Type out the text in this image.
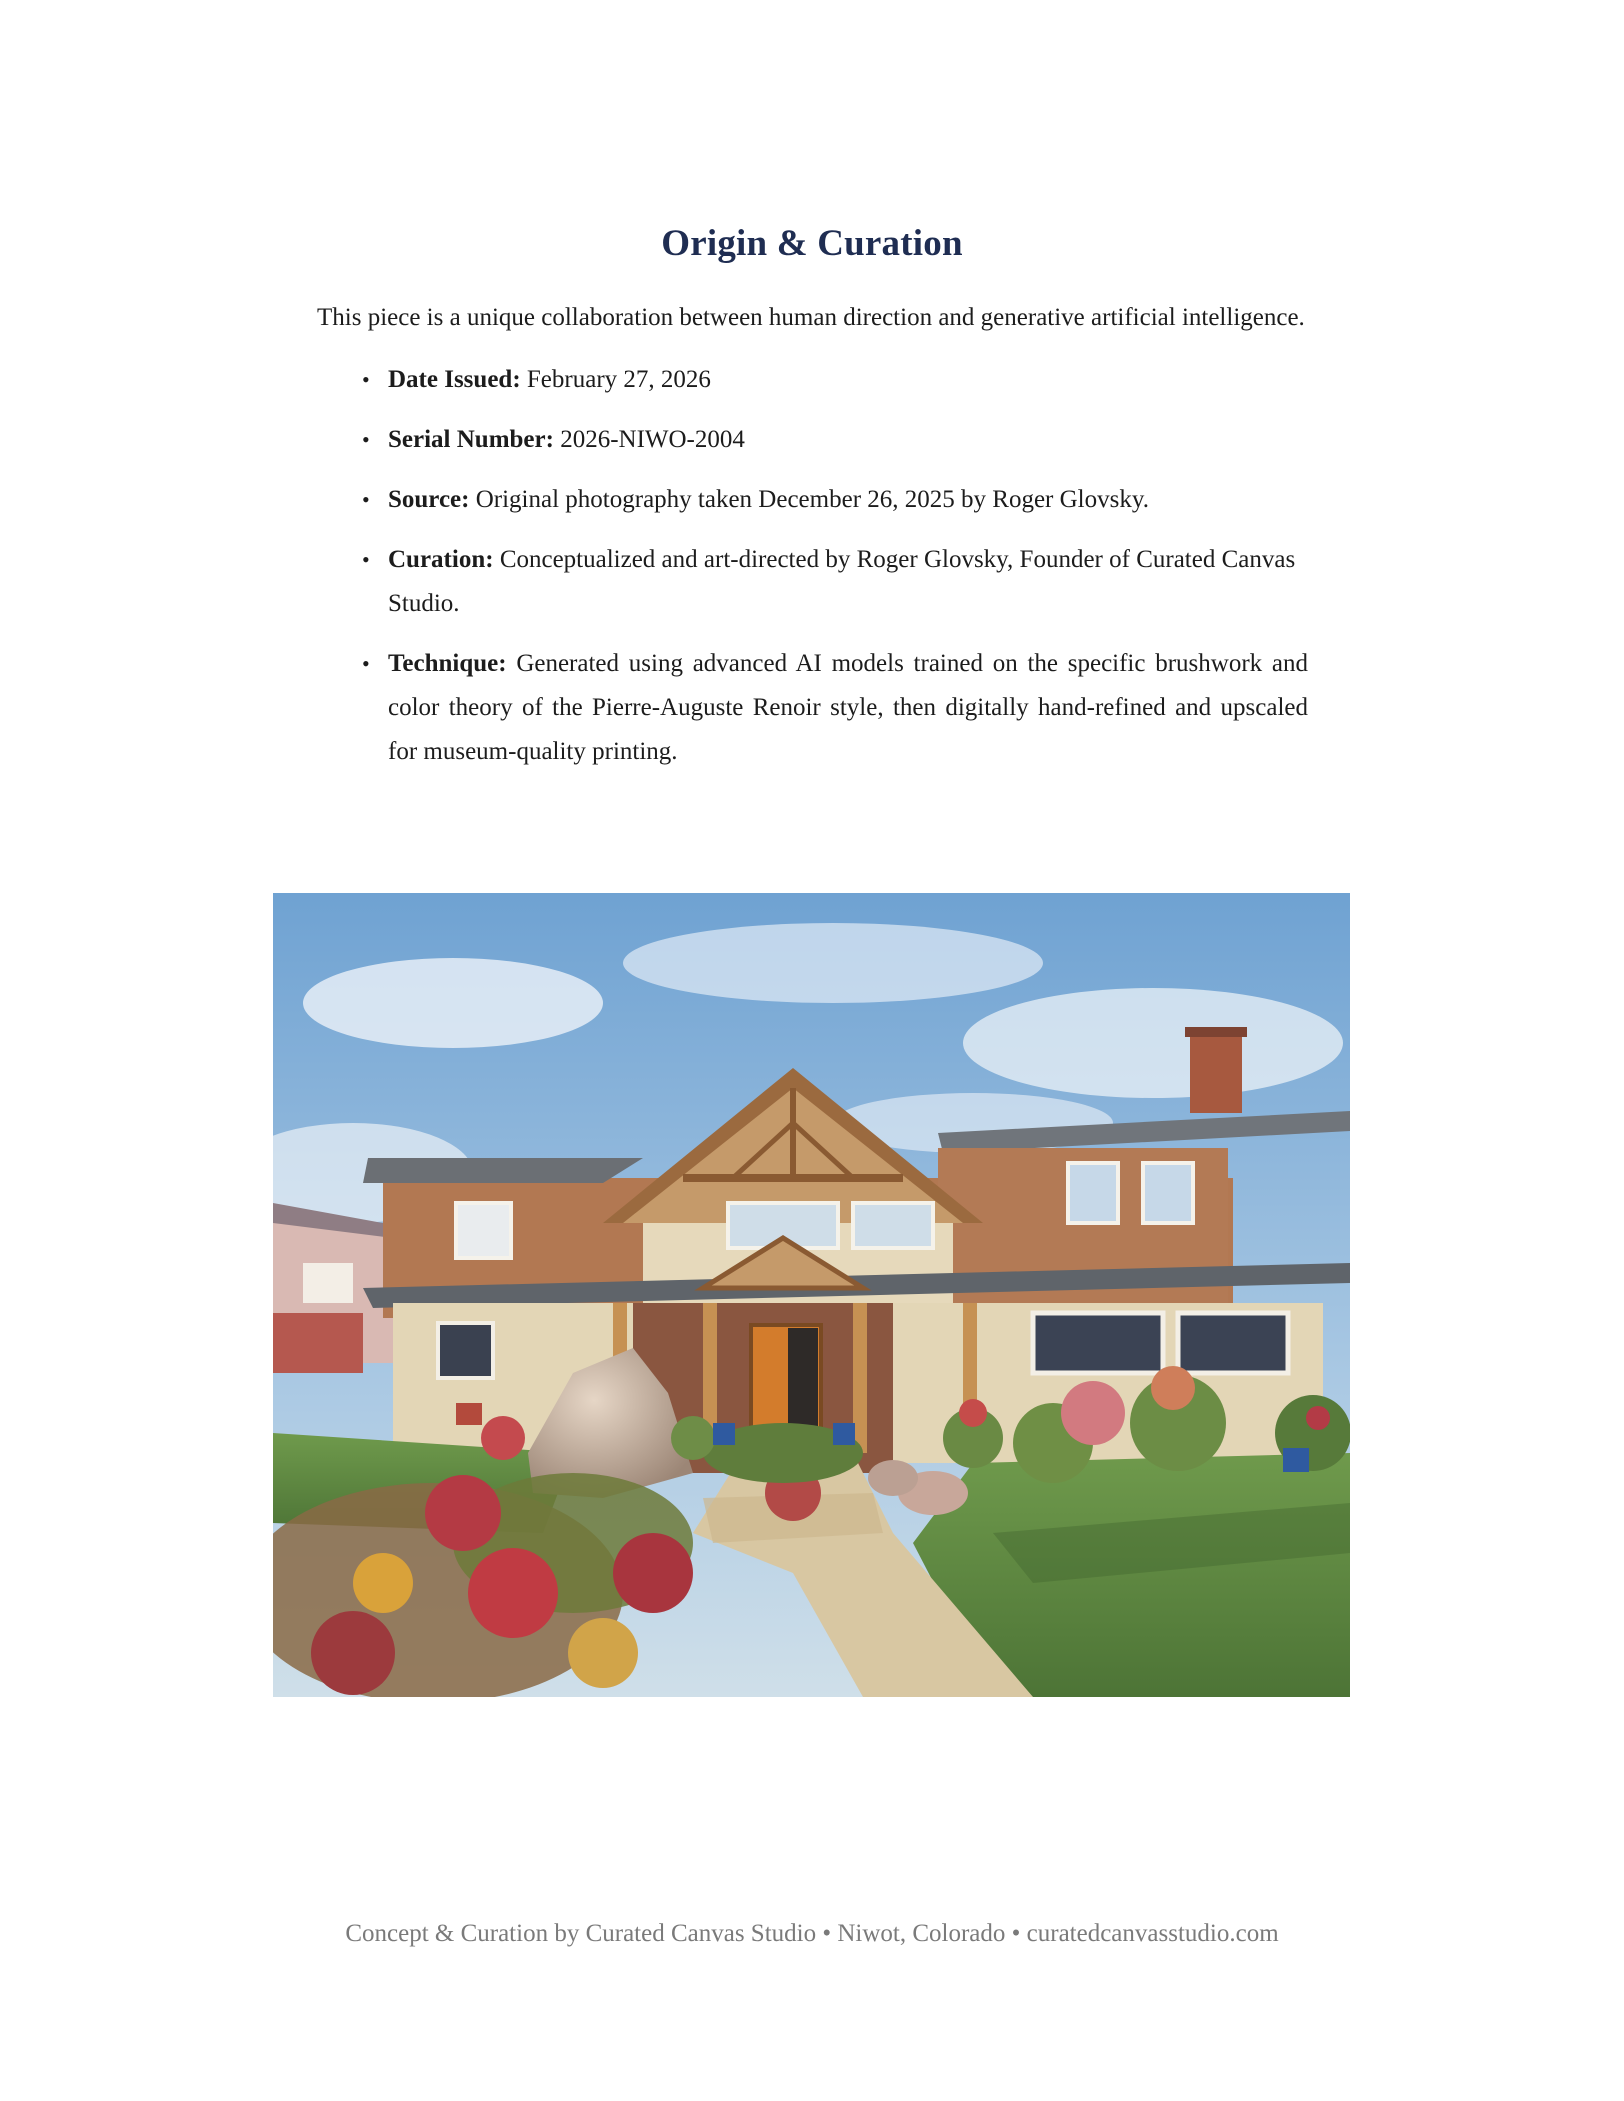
Origin & Curation

This piece is a unique collaboration between human direction and generative artificial intelligence.

• Date Issued: February 27, 2026
• Serial Number: 2026-NIWO-2004
• Source: Original photography taken December 26, 2025 by Roger Glovsky.
• Curation: Conceptualized and art-directed by Roger Glovsky, Founder of Curated Canvas Studio.
• Technique: Generated using advanced AI models trained on the specific brushwork and color theory of the Pierre-Auguste Renoir style, then digitally hand-refined and upscaled for museum-quality printing.

Concept & Curation by Curated Canvas Studio • Niwot, Colorado • curatedcanvasstudio.com
